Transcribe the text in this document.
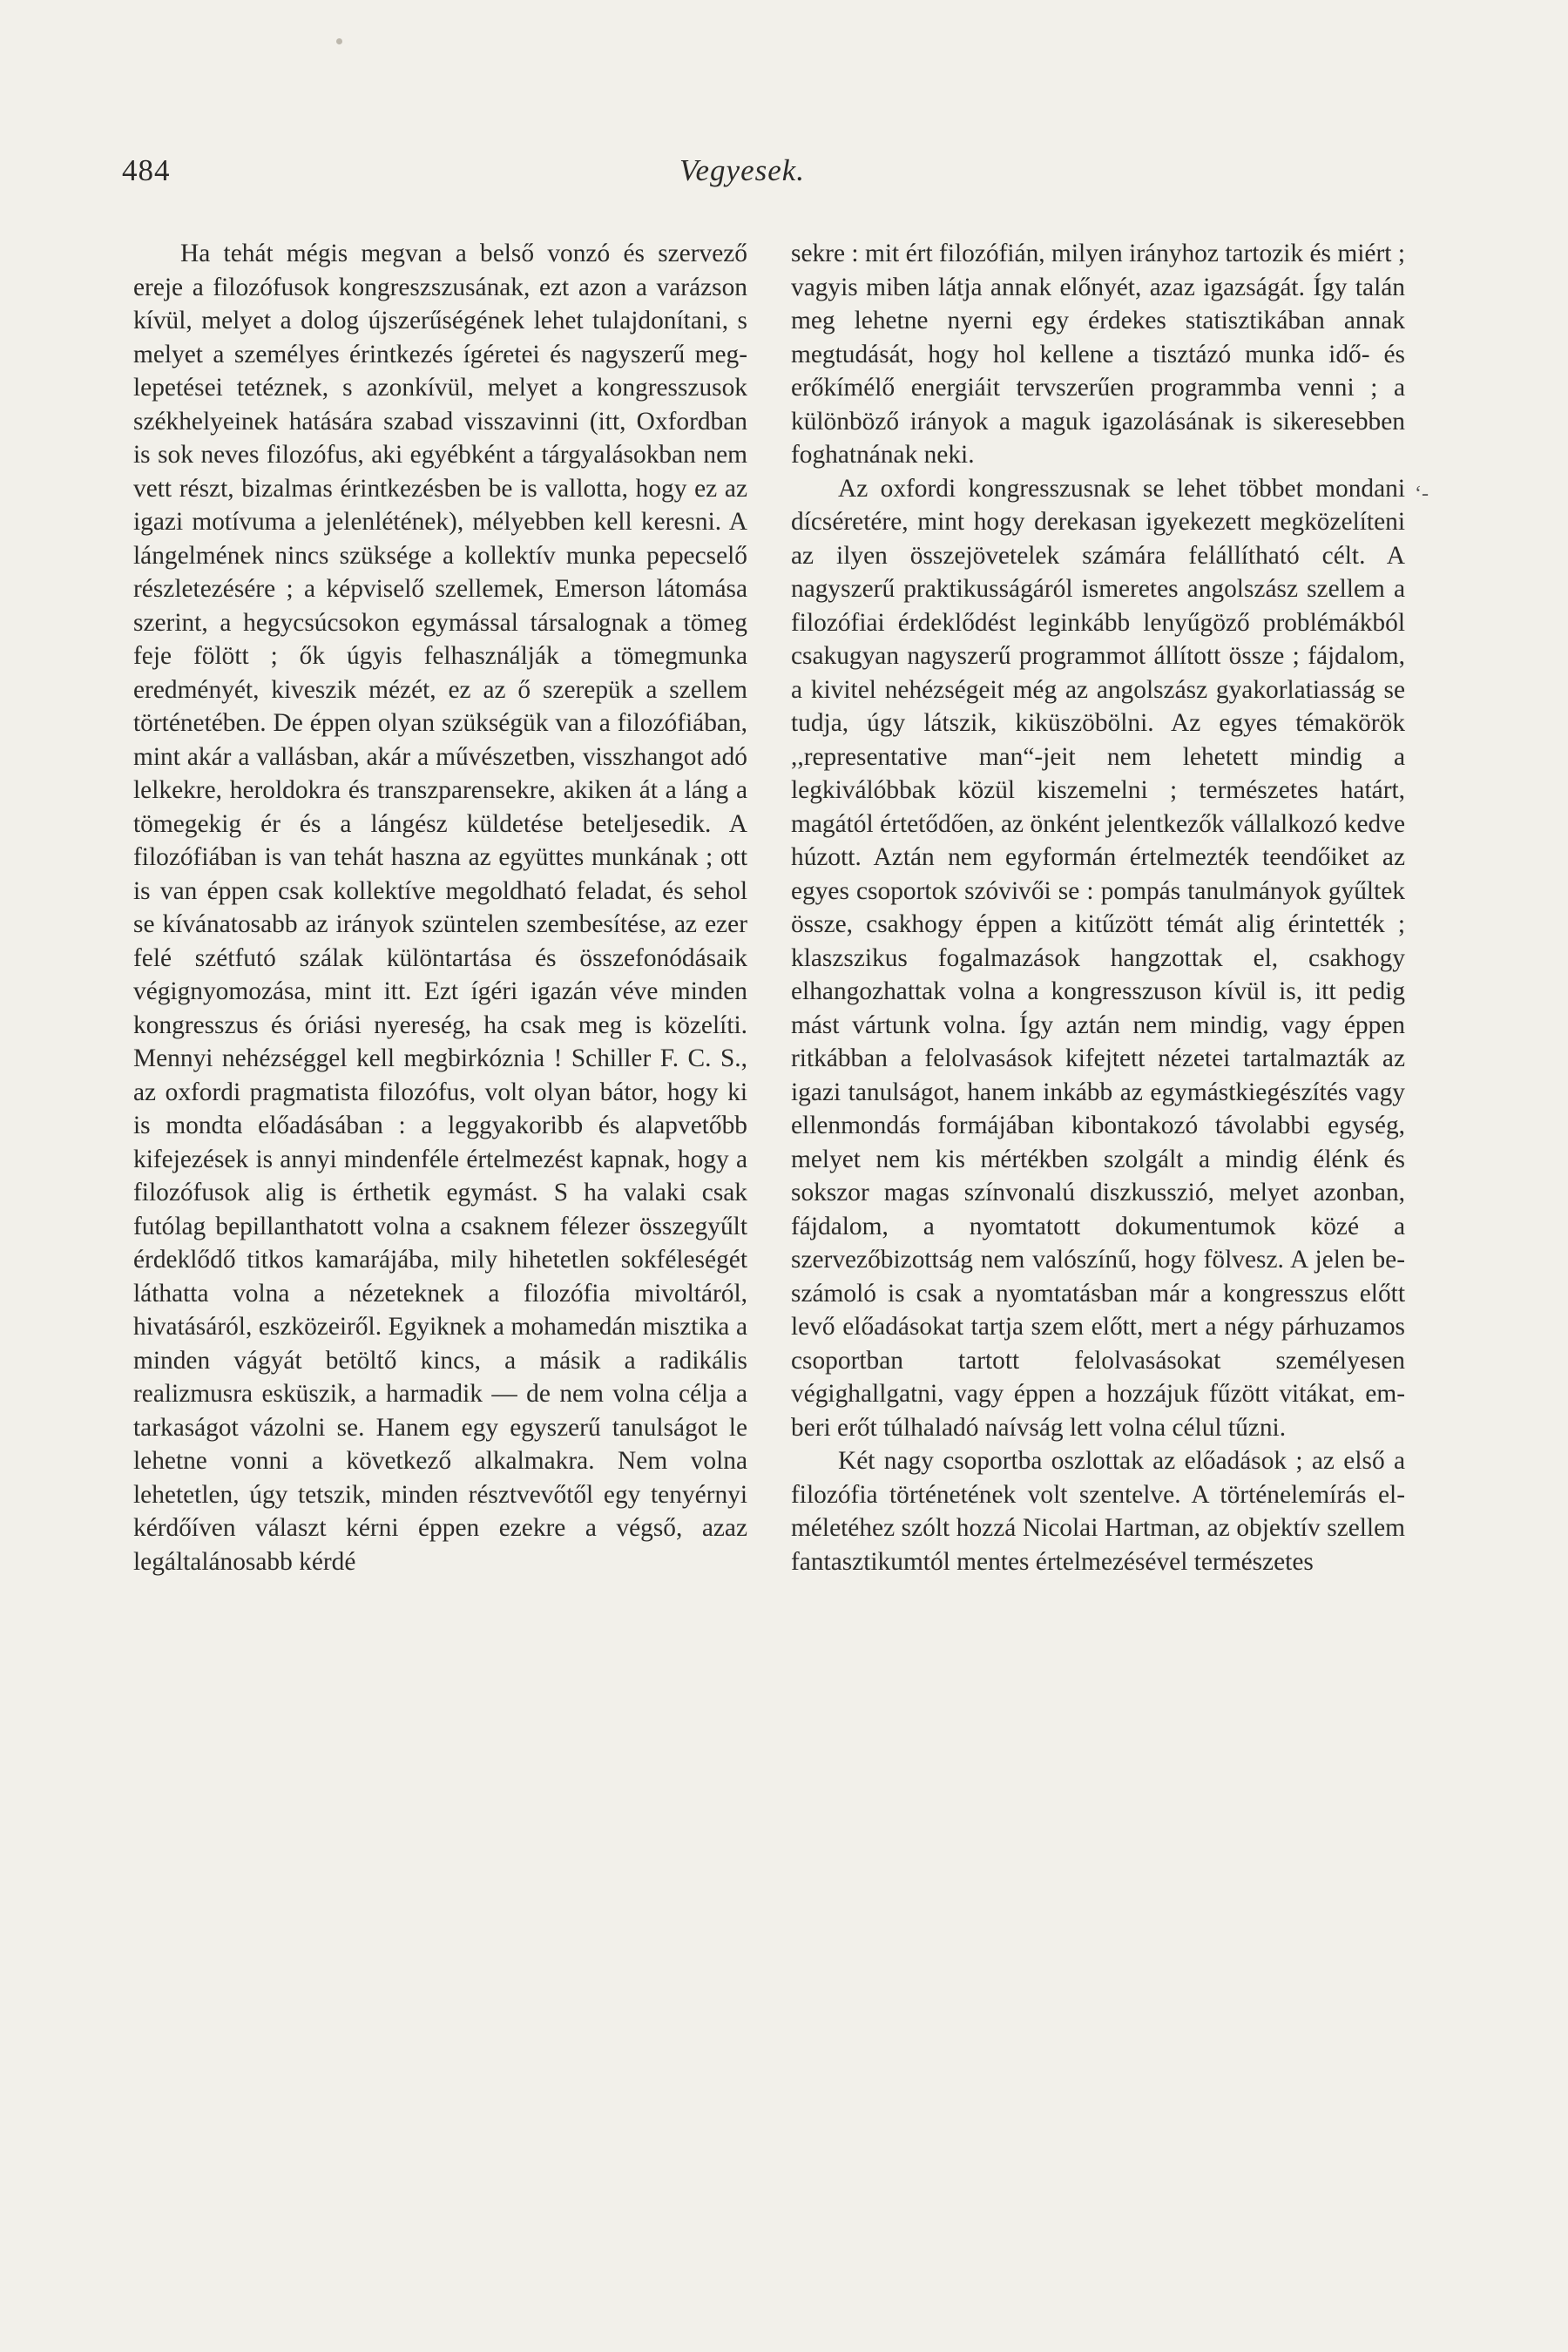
484	Vegyesek.

Ha tehát mégis megvan a belső vonzó és szervező ereje a filozófusok kongreszszusának, ezt azon a varázson kívül, melyet a dolog újszerűségének lehet tulajdonítani, s melyet a személyes érintkezés ígéretei és nagyszerű meglepetései tetéznek, s azonkívül, melyet a kongresszusok székhelyeinek hatására szabad visszavinni (itt, Oxfordban is sok neves filozófus, aki egyébként a tárgyalásokban nem vett részt, bizalmas érintkezésben be is vallotta, hogy ez az igazi motívuma a jelenlétének), mélyebben kell keresni. A lángelmének nincs szüksége a kollektív munka pepecselő részletezésére ; a képviselő szellemek, Emerson látomása szerint, a hegycsúcsokon egymással társalognak a tömeg feje fölött ; ők úgyis felhasználják a tömegmunka eredményét, kiveszik mézét, ez az ő szerepük a szellem történetében. De éppen olyan szükségük van a filozófiában, mint akár a vallásban, akár a művészetben, visszhangot adó lelkekre, heroldokra és transzparensekre, akiken át a láng a tömegekig ér és a lángész küldetése beteljesedik. A filozófiában is van tehát haszna az együttes munkának ; ott is van éppen csak kollektíve megoldható feladat, és sehol se kívánatosabb az irányok szüntelen szembesítése, az ezer felé szétfutó szálak különtartása és összefonódásaik végignyomozása, mint itt. Ezt ígéri igazán véve minden kongresszus és óriási nyereség, ha csak meg is közelíti. Mennyi nehézséggel kell megbirkóznia ! Schiller F. C. S., az oxfordi pragmatista filozófus, volt olyan bátor, hogy ki is mondta előadásában : a leggyakoribb és alapvetőbb kifejezések is annyi mindenféle értelmezést kapnak, hogy a filozófusok alig is érthetik egymást. S ha valaki csak futólag bepillanthatott volna a csaknem félezer összegyűlt érdeklődő titkos kamarájába, mily hihetetlen sokféleségét láthatta volna a nézeteknek a filozófia mivoltáról, hivatásáról, eszközeiről. Egyiknek a mohamedán misztika a minden vágyát betöltő kincs, a másik a radikális realizmusra esküszik, a harmadik — de nem volna célja a tarkaságot vázolni se. Hanem egy egyszerű tanulságot le lehetne vonni a következő alkalmakra. Nem volna lehetetlen, úgy tetszik, minden résztvevőtől egy tenyérnyi kérdőíven választ kérni éppen ezekre a végső, azaz legáltalánosabb kérdé

sekre : mit ért filozófián, milyen irányhoz tartozik és miért ; vagyis miben látja annak előnyét, azaz igazságát. Így talán meg lehetne nyerni egy érdekes statisztikában annak megtudását, hogy hol kellene a tisztázó munka idő- és erőkímélő energiáit tervszerűen programmba venni ; a különböző irányok a maguk igazolásának is sikeresebben foghatnának neki.

Az oxfordi kongresszusnak se lehet többet mondani dícséretére, mint hogy derekasan igyekezett megközelíteni az ilyen összejövetelek számára felállítható célt. A nagyszerű praktikusságáról ismeretes angolszász szellem a filozófiai érdeklődést leginkább lenyűgöző problémákból csakugyan nagyszerű programmot állított össze ; fájdalom, a kivitel nehézségeit még az angolszász gyakorlatiasság se tudja, úgy látszik, kiküszöbölni. Az egyes témakörök ,,representative man“-jeit nem lehetett mindig a legkiválóbbak közül kiszemelni ; természetes határt, magától értetődően, az önként jelentkezők vállalkozó kedve húzott. Aztán nem egyformán értelmezték teendőiket az egyes csoportok szóvivői se : pompás tanulmányok gyűltek össze, csakhogy éppen a kitűzött témát alig érintették ; klaszszikus fogalmazások hangzottak el, csakhogy elhangozhattak volna a kongresszuson kívül is, itt pedig mást vártunk volna. Így aztán nem mindig, vagy éppen ritkábban a felolvasások kifejtett nézetei tartalmazták az igazi tanulságot, hanem inkább az egymástkiegészítés vagy ellenmondás formájában kibontakozó távolabbi egység, melyet nem kis mértékben szolgált a mindig élénk és sokszor magas színvonalú diszkusszió, melyet azonban, fájdalom, a nyomtatott dokumentumok közé a szervezőbizottság nem valószínű, hogy fölvesz. A jelen beszámoló is csak a nyomtatásban már a kongresszus előtt levő előadásokat tartja szem előtt, mert a négy párhuzamos csoportban tartott felolvasásokat személyesen végighallgatni, vagy éppen a hozzájuk fűzött vitákat, emberi erőt túlhaladó naívság lett volna célul tűzni.

Két nagy csoportba oszlottak az előadások ; az első a filozófia történetének volt szentelve. A történelemírás elméletéhez szólt hozzá Nicolai Hartman, az objektív szellem fantasztikumtól mentes értelmezésével természetes

‘-
